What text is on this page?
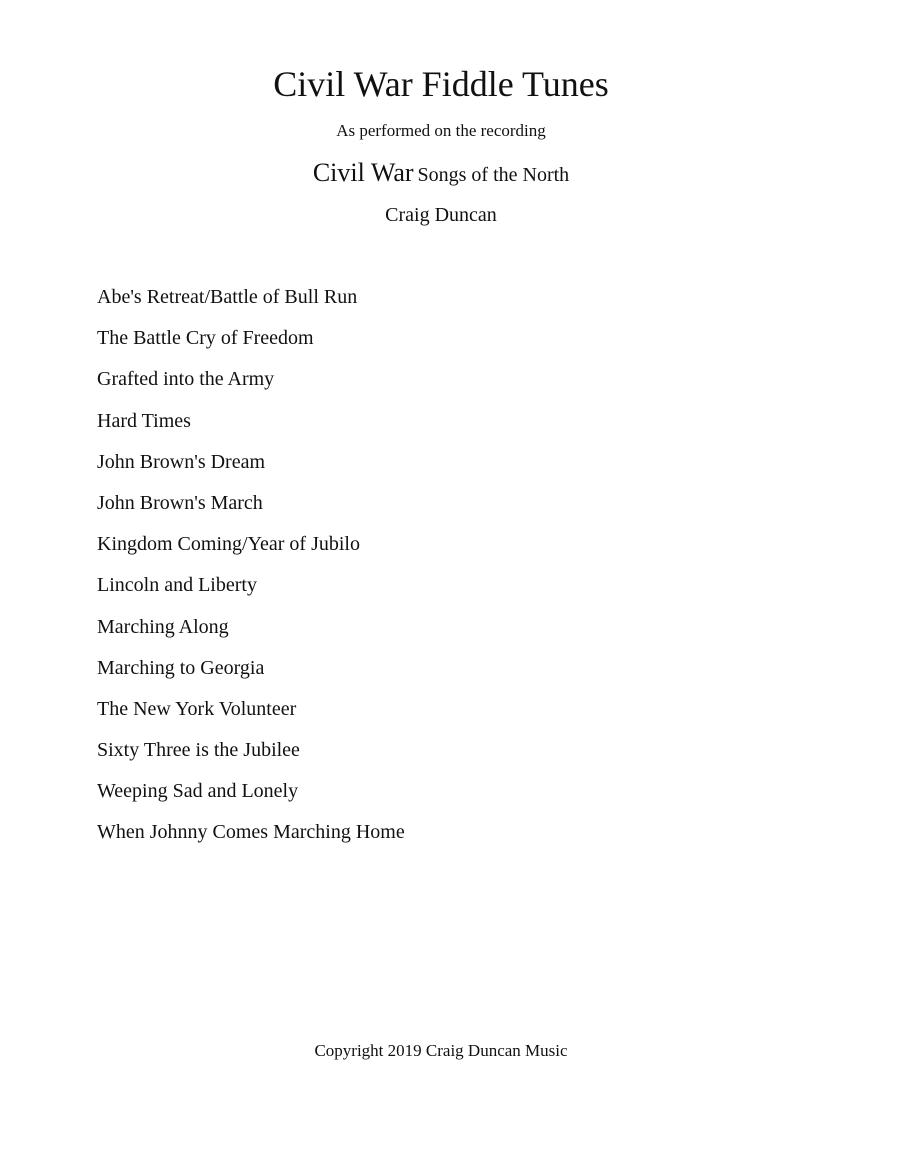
Civil War Fiddle Tunes
As performed on the recording
Civil War Songs of the North
Craig Duncan
Abe's Retreat/Battle of Bull Run
The Battle Cry of Freedom
Grafted into the Army
Hard Times
John Brown's Dream
John Brown's March
Kingdom Coming/Year of Jubilo
Lincoln and Liberty
Marching Along
Marching to Georgia
The New York Volunteer
Sixty Three is the Jubilee
Weeping Sad and Lonely
When Johnny Comes Marching Home
Copyright 2019 Craig Duncan Music
